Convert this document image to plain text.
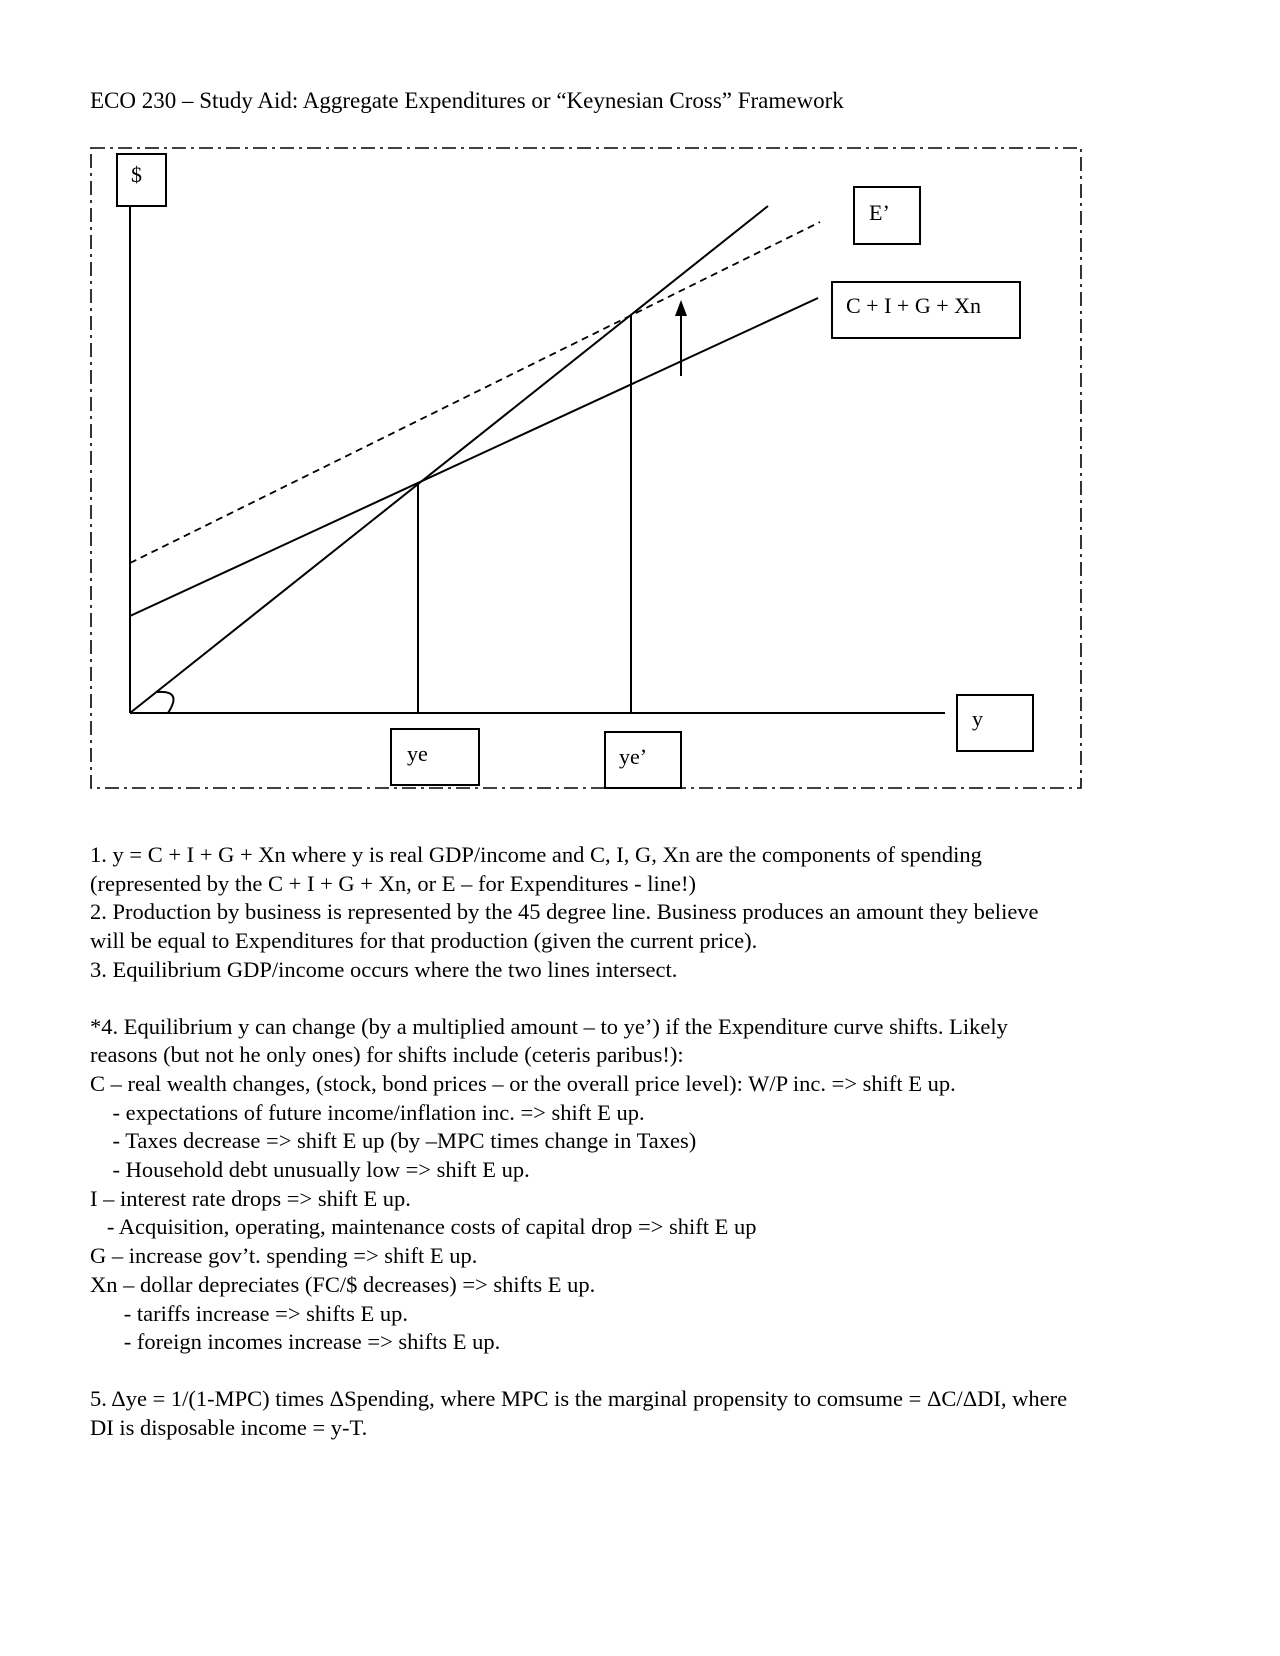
ECO 230 – Study Aid: Aggregate Expenditures or “Keynesian Cross” Framework
$
E’
C + I + G + Xn
y
ye	ye’
1. y = C + I + G + Xn where y is real GDP/income and C, I, G, Xn are the components of spending
(represented by the C + I + G + Xn, or E – for Expenditures - line!)
2. Production by business is represented by the 45 degree line. Business produces an amount they believe
will be equal to Expenditures for that production (given the current price).
3. Equilibrium GDP/income occurs where the two lines intersect.
*4. Equilibrium y can change (by a multiplied amount – to ye’) if the Expenditure curve shifts. Likely
reasons (but not he only ones) for shifts include (ceteris paribus!):
C – real wealth changes, (stock, bond prices – or the overall price level): W/P inc. => shift E up.
- expectations of future income/inflation inc. => shift E up.
- Taxes decrease => shift E up (by –MPC times change in Taxes)
- Household debt unusually low => shift E up.
I – interest rate drops => shift E up.
- Acquisition, operating, maintenance costs of capital drop => shift E up
G – increase gov’t. spending => shift E up.
Xn – dollar depreciates (FC/$ decreases) => shifts E up.
- tariffs increase => shifts E up.
- foreign incomes increase => shifts E up.
5. Δye = 1/(1-MPC) times ΔSpending, where MPC is the marginal propensity to comsume = ΔC/ΔDI, where
DI is disposable income = y-T.
